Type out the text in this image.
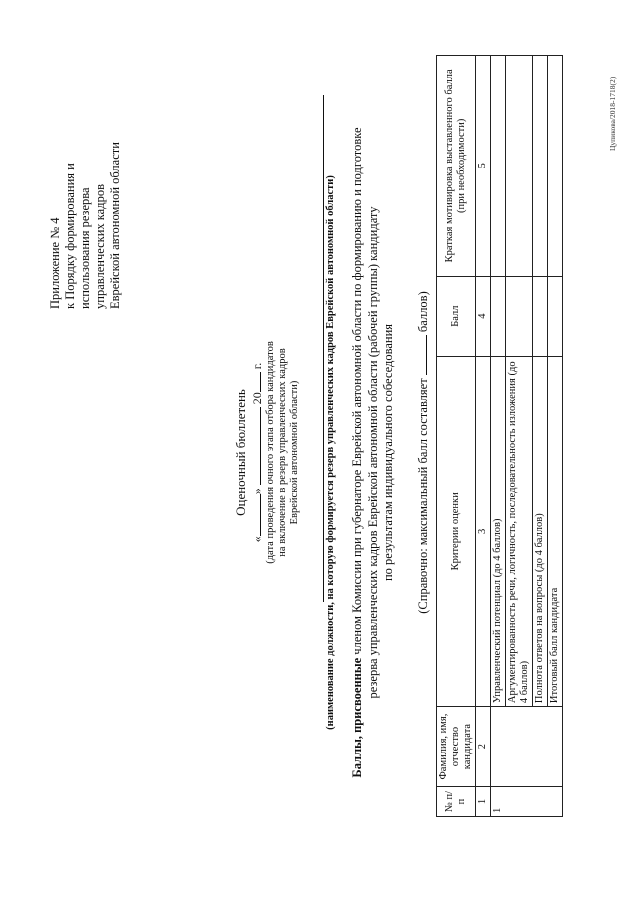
Приложение № 4 к Порядку формирования и использования резерва управленческих кадров Еврейской автономной области
Оценочный бюллетень
«»  20 г. (дата проведения очного этапа отбора кандидатов на включение в резерв управленческих кадров Еврейской автономной области) (наименование должности, на которую формируется резерв управленческих кадров Еврейской автономной области)
Баллы, присвоенные членом Комиссии при губернаторе Еврейской автономной области по формированию и подготовке резерва управленческих кадров Еврейской автономной области (рабочей группы) кандидату по результатам индивидуального собеседования (Справочно: максимальный балл составляет  баллов)
№ п/п	Фамилия, имя, отчество кандидата	Критерии оценки	Балл	Краткая мотивировка выставленного балла (при необходимости)
1	2	3	4	5
1		Управленческий потенциал (до 4 баллов)		
		Аргументированность речи, логичность, последовательность изложения (до 4 баллов)		
		Полнота ответов на вопросы (до 4 баллов)		
		Итоговый балл кандидата		
Цупикова/2018-1718(2)
